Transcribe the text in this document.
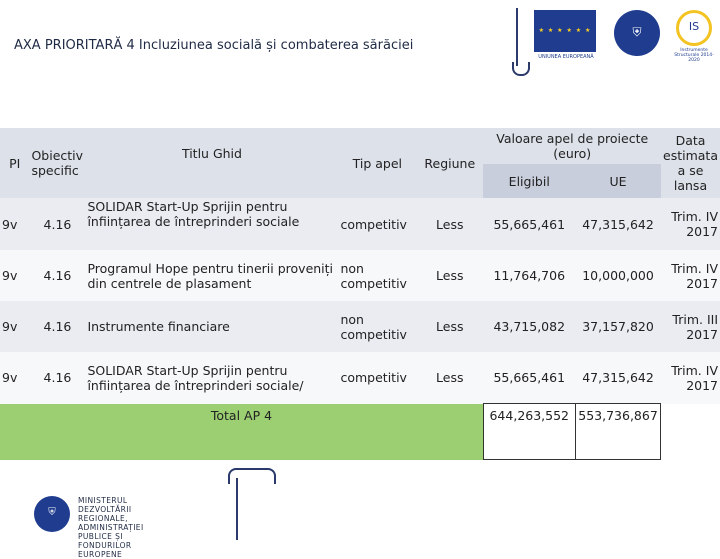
AXA PRIORITARĂ 4 Incluziunea socială și combaterea sărăciei
★ ★ ★ ★ ★ ★
UNIUNEA EUROPEANĂ
⛨	IS
Instrumente Structurale 2014-2020
PI	Obiectiv specific	Titlu Ghid	Tip apel	Regiune	Valoare apel de proiecte (euro)		Data estimata a se lansa
					Eligibil	UE	
9v	4.16	SOLIDAR Start-Up Sprijin pentru înființarea de întreprinderi sociale	competitiv	Less	55,665,461	47,315,642	Trim. IV 2017
9v	4.16	Programul Hope pentru tinerii proveniți din centrele de plasament	non competitiv	Less	11,764,706	10,000,000	Trim. IV 2017
9v	4.16	Instrumente financiare	non competitiv	Less	43,715,082	37,157,820	Trim. III 2017
9v	4.16	SOLIDAR Start-Up Sprijin pentru înființarea de întreprinderi sociale/	competitiv	Less	55,665,461	47,315,642	Trim. IV 2017
Total AP 4					644,263,552	553,736,867	
⛨
MINISTERUL DEZVOLTĂRII REGIONALE, ADMINISTRAȚIEI PUBLICE ȘI FONDURILOR EUROPENE
